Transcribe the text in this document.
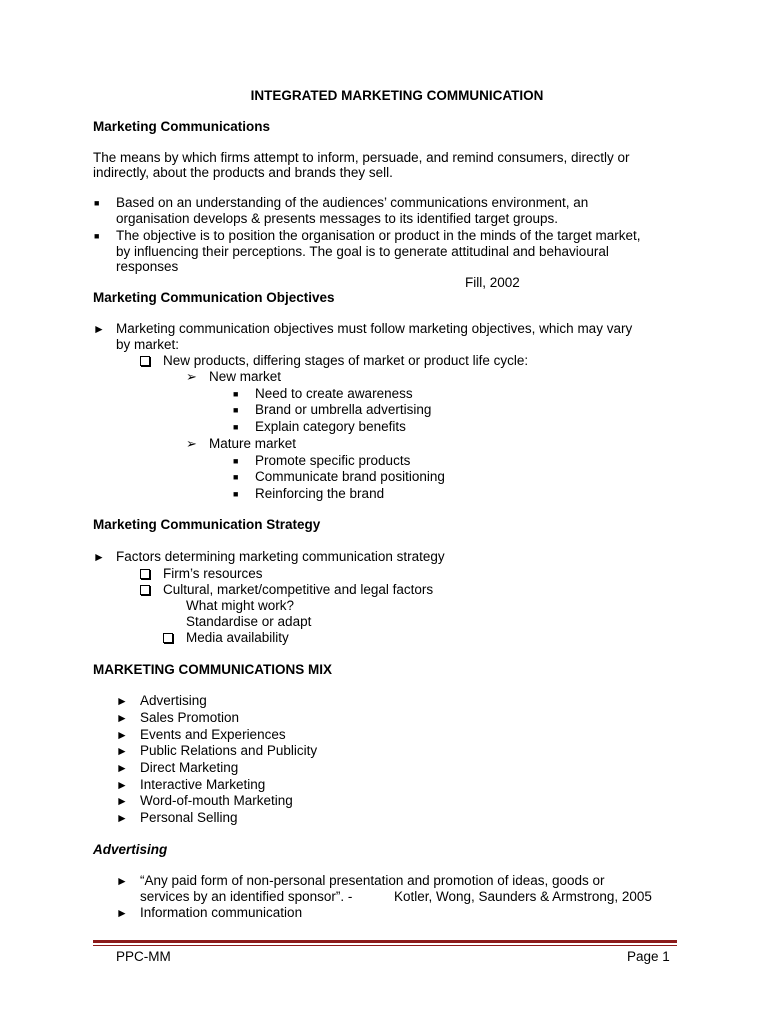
INTEGRATED MARKETING COMMUNICATION
Marketing Communications
The means by which firms attempt to inform, persuade, and remind consumers, directly or
indirectly, about the products and brands they sell.
■ Based on an understanding of the audiences’ communications environment, an
organisation develops & presents messages to its identified target groups.
■ The objective is to position the organisation or product in the minds of the target market,
by influencing their perceptions. The goal is to generate attitudinal and behavioural
responses
Fill, 2002
Marketing Communication Objectives
► Marketing communication objectives must follow marketing objectives, which may vary
by market:
New products, differing stages of market or product life cycle:
➢ New market
■ Need to create awareness
■ Brand or umbrella advertising
■ Explain category benefits
➢ Mature market
■ Promote specific products
■ Communicate brand positioning
■ Reinforcing the brand
Marketing Communication Strategy
► Factors determining marketing communication strategy
Firm’s resources
Cultural, market/competitive and legal factors
What might work?
Standardise or adapt
Media availability
MARKETING COMMUNICATIONS MIX
► Advertising
► Sales Promotion
► Events and Experiences
► Public Relations and Publicity
► Direct Marketing
► Interactive Marketing
► Word-of-mouth Marketing
► Personal Selling
Advertising
► “Any paid form of non-personal presentation and promotion of ideas, goods or
services by an identified sponsor”. -	Kotler, Wong, Saunders & Armstrong, 2005
► Information communication
PPC-MM	Page 1
